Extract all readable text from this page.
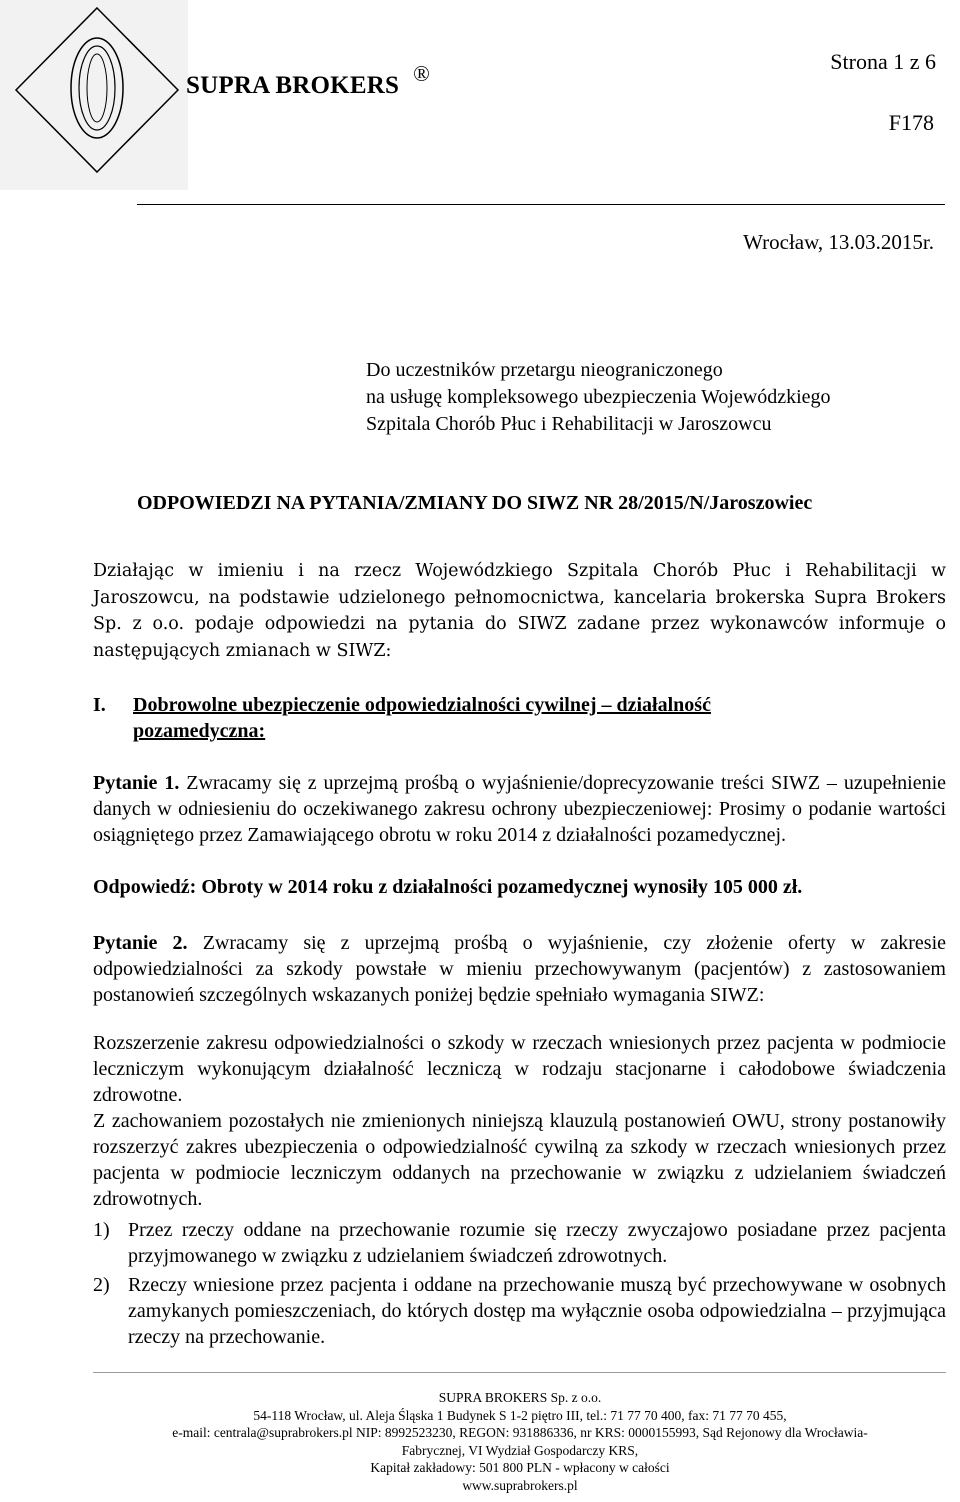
SUPRA BROKERS ®	Strona 1 z 6
F178
Wrocław, 13.03.2015r.
Do uczestników przetargu nieograniczonego
na usługę kompleksowego ubezpieczenia Wojewódzkiego
Szpitala Chorób Płuc i Rehabilitacji w Jaroszowcu
ODPOWIEDZI NA PYTANIA/ZMIANY DO SIWZ NR 28/2015/N/Jaroszowiec
Działając w imieniu i na rzecz Wojewódzkiego Szpitala Chorób Płuc i Rehabilitacji w Jaroszowcu, na podstawie udzielonego pełnomocnictwa, kancelaria brokerska Supra Brokers Sp. z o.o. podaje odpowiedzi na pytania do SIWZ zadane przez wykonawców informuje o następujących zmianach w SIWZ:
I. Dobrowolne ubezpieczenie odpowiedzialności cywilnej – działalność pozamedyczna:
Pytanie 1. Zwracamy się z uprzejmą prośbą o wyjaśnienie/doprecyzowanie treści SIWZ – uzupełnienie danych w odniesieniu do oczekiwanego zakresu ochrony ubezpieczeniowej: Prosimy o podanie wartości osiągniętego przez Zamawiającego obrotu w roku 2014 z działalności pozamedycznej.
Odpowiedź: Obroty w 2014 roku z działalności pozamedycznej wynosiły 105 000 zł.
Pytanie 2. Zwracamy się z uprzejmą prośbą o wyjaśnienie, czy złożenie oferty w zakresie odpowiedzialności za szkody powstałe w mieniu przechowywanym (pacjentów) z zastosowaniem postanowień szczególnych wskazanych poniżej będzie spełniało wymagania SIWZ:
Rozszerzenie zakresu odpowiedzialności o szkody w rzeczach wniesionych przez pacjenta w podmiocie leczniczym wykonującym działalność leczniczą w rodzaju stacjonarne i całodobowe świadczenia zdrowotne.
Z zachowaniem pozostałych nie zmienionych niniejszą klauzulą postanowień OWU, strony postanowiły rozszerzyć zakres ubezpieczenia o odpowiedzialność cywilną za szkody w rzeczach wniesionych przez pacjenta w podmiocie leczniczym oddanych na przechowanie w związku z udzielaniem świadczeń zdrowotnych.
1) Przez rzeczy oddane na przechowanie rozumie się rzeczy zwyczajowo posiadane przez pacjenta przyjmowanego w związku z udzielaniem świadczeń zdrowotnych.
2) Rzeczy wniesione przez pacjenta i oddane na przechowanie muszą być przechowywane w osobnych zamykanych pomieszczeniach, do których dostęp ma wyłącznie osoba odpowiedzialna – przyjmująca rzeczy na przechowanie.
SUPRA BROKERS Sp. z o.o.
54-118 Wrocław, ul. Aleja Śląska 1 Budynek S 1-2 piętro III, tel.: 71 77 70 400, fax: 71 77 70 455,
e-mail: centrala@suprabrokers.pl NIP: 8992523230, REGON: 931886336, nr KRS: 0000155993, Sąd Rejonowy dla Wrocławia-
Fabrycznej, VI Wydział Gospodarczy KRS,
Kapitał zakładowy: 501 800 PLN - wpłacony w całości
www.suprabrokers.pl
